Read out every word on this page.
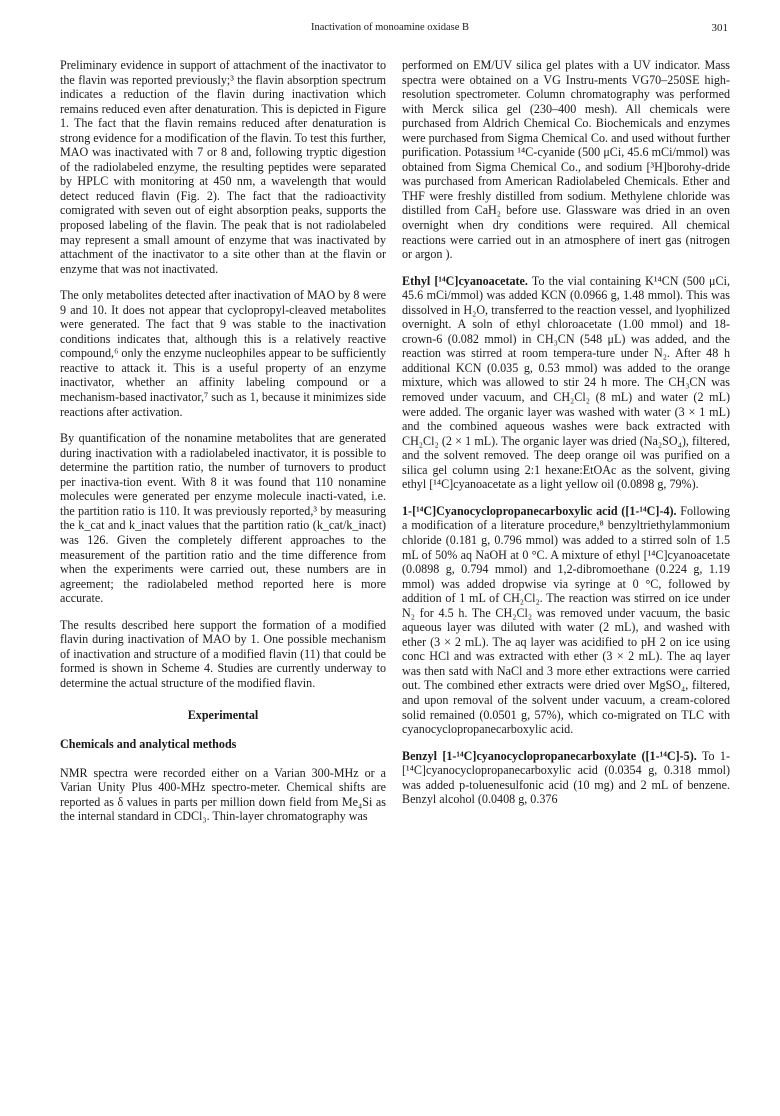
Inactivation of monoamine oxidase B	301

Preliminary evidence in support of attachment of the inactivator to the flavin was reported previously;³ the flavin absorption spectrum indicates a reduction of the flavin during inactivation which remains reduced even after denaturation. This is depicted in Figure 1. The fact that the flavin remains reduced after denaturation is strong evidence for a modification of the flavin. To test this further, MAO was inactivated with 7 or 8 and, following tryptic digestion of the radiolabeled enzyme, the resulting peptides were separated by HPLC with monitoring at 450 nm, a wavelength that would detect reduced flavin (Fig. 2). The fact that the radioactivity comigrated with seven out of eight absorption peaks, supports the proposed labeling of the flavin. The peak that is not radiolabeled may represent a small amount of enzyme that was inactivated by attachment of the inactivator to a site other than at the flavin or enzyme that was not inactivated.

The only metabolites detected after inactivation of MAO by 8 were 9 and 10. It does not appear that cyclopropyl-cleaved metabolites were generated. The fact that 9 was stable to the inactivation conditions indicates that, although this is a relatively reactive compound,⁶ only the enzyme nucleophiles appear to be sufficiently reactive to attack it. This is a useful property of an enzyme inactivator, whether an affinity labeling compound or a mechanism-based inactivator,⁷ such as 1, because it minimizes side reactions after activation.

By quantification of the nonamine metabolites that are generated during inactivation with a radiolabeled inactivator, it is possible to determine the partition ratio, the number of turnovers to product per inactiva-tion event. With 8 it was found that 110 nonamine molecules were generated per enzyme molecule inacti-vated, i.e. the partition ratio is 110. It was previously reported,³ by measuring the k_cat and k_inact values that the partition ratio (k_cat/k_inact) was 126. Given the completely different approaches to the measurement of the partition ratio and the time difference from when the experiments were carried out, these numbers are in agreement; the radiolabeled method reported here is more accurate.

The results described here support the formation of a modified flavin during inactivation of MAO by 1. One possible mechanism of inactivation and structure of a modified flavin (11) that could be formed is shown in Scheme 4. Studies are currently underway to determine the actual structure of the modified flavin.

Experimental
Chemicals and analytical methods

NMR spectra were recorded either on a Varian 300-MHz or a Varian Unity Plus 400-MHz spectro-meter. Chemical shifts are reported as δ values in parts per million down field from Me₄Si as the internal standard in CDCl₃. Thin-layer chromatography was

performed on EM/UV silica gel plates with a UV indicator. Mass spectra were obtained on a VG Instru-ments VG70–250SE high-resolution spectrometer. Column chromatography was performed with Merck silica gel (230–400 mesh). All chemicals were purchased from Aldrich Chemical Co. Biochemicals and enzymes were purchased from Sigma Chemical Co. and used without further purification. Potassium ¹⁴C-cyanide (500 μCi, 45.6 mCi/mmol) was obtained from Sigma Chemical Co., and sodium [³H]borohy-dride was purchased from American Radiolabeled Chemicals. Ether and THF were freshly distilled from sodium. Methylene chloride was distilled from CaH₂ before use. Glassware was dried in an oven overnight when dry conditions were required. All chemical reactions were carried out in an atmosphere of inert gas (nitrogen or argon ).

Ethyl [¹⁴C]cyanoacetate. To the vial containing K¹⁴CN (500 μCi, 45.6 mCi/mmol) was added KCN (0.0966 g, 1.48 mmol). This was dissolved in H₂O, transferred to the reaction vessel, and lyophilized overnight. A soln of ethyl chloroacetate (1.00 mmol) and 18-crown-6 (0.082 mmol) in CH₃CN (548 μL) was added, and the reaction was stirred at room tempera-ture under N₂. After 48 h additional KCN (0.035 g, 0.53 mmol) was added to the orange mixture, which was allowed to stir 24 h more. The CH₃CN was removed under vacuum, and CH₂Cl₂ (8 mL) and water (2 mL) were added. The organic layer was washed with water (3 × 1 mL) and the combined aqueous washes were back extracted with CH₂Cl₂ (2 × 1 mL). The organic layer was dried (Na₂SO₄), filtered, and the solvent removed. The deep orange oil was purified on a silica gel column using 2:1 hexane:EtOAc as the solvent, giving ethyl [¹⁴C]cyanoacetate as a light yellow oil (0.0898 g, 79%).

1-[¹⁴C]Cyanocyclopropanecarboxylic acid ([1-¹⁴C]-4). Following a modification of a literature procedure,⁸ benzyltriethylammonium chloride (0.181 g, 0.796 mmol) was added to a stirred soln of 1.5 mL of 50% aq NaOH at 0 °C. A mixture of ethyl [¹⁴C]cyanoacetate (0.0898 g, 0.794 mmol) and 1,2-dibromoethane (0.224 g, 1.19 mmol) was added dropwise via syringe at 0 °C, followed by addition of 1 mL of CH₂Cl₂. The reaction was stirred on ice under N₂ for 4.5 h. The CH₂Cl₂ was removed under vacuum, the basic aqueous layer was diluted with water (2 mL), and washed with ether (3 × 2 mL). The aq layer was acidified to pH 2 on ice using conc HCl and was extracted with ether (3 × 2 mL). The aq layer was then satd with NaCl and 3 more ether extractions were carried out. The combined ether extracts were dried over MgSO₄, filtered, and upon removal of the solvent under vacuum, a cream-colored solid remained (0.0501 g, 57%), which co-migrated on TLC with cyanocyclopropanecarboxylic acid.

Benzyl [1-¹⁴C]cyanocyclopropanecarboxylate ([1-¹⁴C]-5). To 1-[¹⁴C]cyanocyclopropanecarboxylic acid (0.0354 g, 0.318 mmol) was added p-toluenesulfonic acid (10 mg) and 2 mL of benzene. Benzyl alcohol (0.0408 g, 0.376
